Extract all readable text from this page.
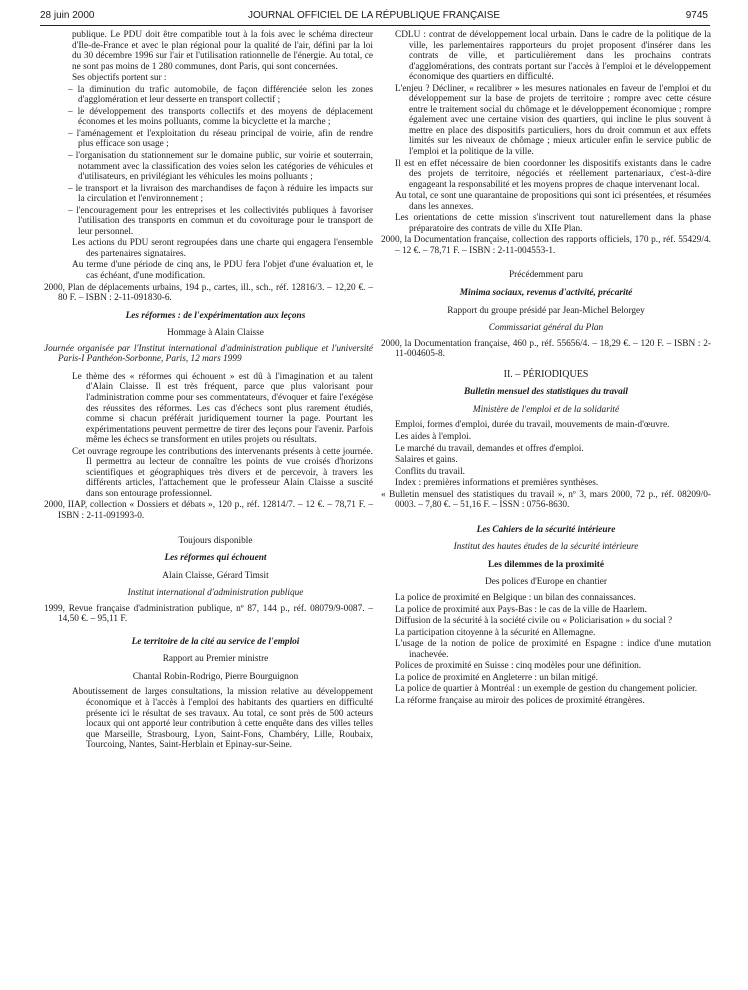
28 juin 2000	JOURNAL OFFICIEL DE LA RÉPUBLIQUE FRANÇAISE	9745

publique. Le PDU doit être compatible tout à la fois avec le schéma directeur d'Ile-de-France et avec le plan régional pour la qualité de l'air, défini par la loi du 30 décembre 1996 sur l'air et l'utilisation rationnelle de l'énergie. Au total, ce ne sont pas moins de 1 280 communes, dont Paris, qui sont concernées.

Ses objectifs portent sur :

– la diminution du trafic automobile, de façon différenciée selon les zones d'agglomération et leur desserte en transport collectif ;

– le développement des transports collectifs et des moyens de déplacement économes et les moins polluants, comme la bicyclette et la marche ;

– l'aménagement et l'exploitation du réseau principal de voirie, afin de rendre plus efficace son usage ;

– l'organisation du stationnement sur le domaine public, sur voirie et souterrain, notamment avec la classification des voies selon les catégories de véhicules et d'utilisateurs, en privilégiant les véhicules les moins polluants ;

– le transport et la livraison des marchandises de façon à réduire les impacts sur la circulation et l'environnement ;

– l'encouragement pour les entreprises et les collectivités publiques à favoriser l'utilisation des transports en commun et du covoiturage pour le transport de leur personnel.

Les actions du PDU seront regroupées dans une charte qui engagera l'ensemble des partenaires signataires.

Au terme d'une période de cinq ans, le PDU fera l'objet d'une évaluation et, le cas échéant, d'une modification.

2000, Plan de déplacements urbains, 194 p., cartes, ill., sch., réf. 12816/3. – 12,20 €. – 80 F. – ISBN : 2-11-091830-6.

Les réformes : de l'expérimentation aux leçons

Hommage à Alain Claisse

Journée organisée par l'Institut international d'administration publique et l'université Paris-I Panthéon-Sorbonne, Paris, 12 mars 1999

Le thème des « réformes qui échouent » est dû à l'imagination et au talent d'Alain Claisse. Il est très fréquent, parce que plus valorisant pour l'administration comme pour ses commentateurs, d'évoquer et faire l'exégèse des réussites des réformes. Les cas d'échecs sont plus rarement étudiés, comme si chacun préférait juridiquement tourner la page. Pourtant les expérimentations peuvent permettre de tirer des leçons pour l'avenir. Parfois même les échecs se transforment en utiles projets ou résultats.

Cet ouvrage regroupe les contributions des intervenants présents à cette journée. Il permettra au lecteur de connaître les points de vue croisés d'horizons scientifiques et géographiques très divers et de percevoir, à travers les différents articles, l'attachement que le professeur Alain Claisse a suscité dans son entourage professionnel.

2000, IIAP, collection « Dossiers et débats », 120 p., réf. 12814/7. – 12 €. – 78,71 F. – ISBN : 2-11-091993-0.

Toujours disponible

Les réformes qui échouent

Alain Claisse, Gérard Timsit

Institut international d'administration publique

1999, Revue française d'administration publique, nº 87, 144 p., réf. 08079/9-0087. – 14,50 €. – 95,11 F.

Le territoire de la cité au service de l'emploi

Rapport au Premier ministre

Chantal Robin-Rodrigo, Pierre Bourguignon

Aboutissement de larges consultations, la mission relative au développement économique et à l'accès à l'emploi des habitants des quartiers en difficulté présente ici le résultat de ses travaux. Au total, ce sont près de 500 acteurs locaux qui ont apporté leur contribution à cette enquête dans des villes telles que Marseille, Strasbourg, Lyon, Saint-Fons, Chambéry, Lille, Roubaix, Tourcoing, Nantes, Saint-Herblain et Epinay-sur-Seine.

CDLU : contrat de développement local urbain. Dans le cadre de la politique de la ville, les parlementaires rapporteurs du projet proposent d'insérer dans les contrats de ville, et particulièrement dans les prochains contrats d'agglomérations, des contrats portant sur l'accès à l'emploi et le développement économique des quartiers en difficulté.

L'enjeu ? Décliner, « recalibrer » les mesures nationales en faveur de l'emploi et du développement sur la base de projets de territoire ; rompre avec cette césure entre le traitement social du chômage et le développement économique ; rompre également avec une certaine vision des quartiers, qui incline le plus souvent à mettre en place des dispositifs particuliers, hors du droit commun et aux effets limités sur les niveaux de chômage ; mieux articuler enfin le service public de l'emploi et la politique de la ville.

Il est en effet nécessaire de bien coordonner les dispositifs existants dans le cadre des projets de territoire, négociés et réellement partenariaux, c'est-à-dire engageant la responsabilité et les moyens propres de chaque intervenant local.

Au total, ce sont une quarantaine de propositions qui sont ici présentées, et résumées dans les annexes.

Les orientations de cette mission s'inscrivent tout naturellement dans la phase préparatoire des contrats de ville du XIIe Plan.

2000, la Documentation française, collection des rapports officiels, 170 p., réf. 55429/4. – 12 €. – 78,71 F. – ISBN : 2-11-004553-1.

Précédemment paru

Minima sociaux, revenus d'activité, précarité

Rapport du groupe présidé par Jean-Michel Belorgey

Commissariat général du Plan

2000, la Documentation française, 460 p., réf. 55656/4. – 18,29 €. – 120 F. – ISBN : 2-11-004605-8.

II. – PÉRIODIQUES

Bulletin mensuel des statistiques du travail

Ministère de l'emploi et de la solidarité

Emploi, formes d'emploi, durée du travail, mouvements de main-d'œuvre.

Les aides à l'emploi.

Le marché du travail, demandes et offres d'emploi.

Salaires et gains.

Conflits du travail.

Index : premières informations et premières synthèses.

« Bulletin mensuel des statistiques du travail », nº 3, mars 2000, 72 p., réf. 08209/0-0003. – 7,80 €. – 51,16 F. – ISSN : 0756-8630.

Les Cahiers de la sécurité intérieure

Institut des hautes études de la sécurité intérieure

Les dilemmes de la proximité

Des polices d'Europe en chantier

La police de proximité en Belgique : un bilan des connaissances.

La police de proximité aux Pays-Bas : le cas de la ville de Haarlem.

Diffusion de la sécurité à la société civile ou « Policiarisation » du social ?

La participation citoyenne à la sécurité en Allemagne.

L'usage de la notion de police de proximité en Espagne : indice d'une mutation inachevée.

Polices de proximité en Suisse : cinq modèles pour une définition.

La police de proximité en Angleterre : un bilan mitigé.

La police de quartier à Montréal : un exemple de gestion du changement policier.

La réforme française au miroir des polices de proximité étrangères.
